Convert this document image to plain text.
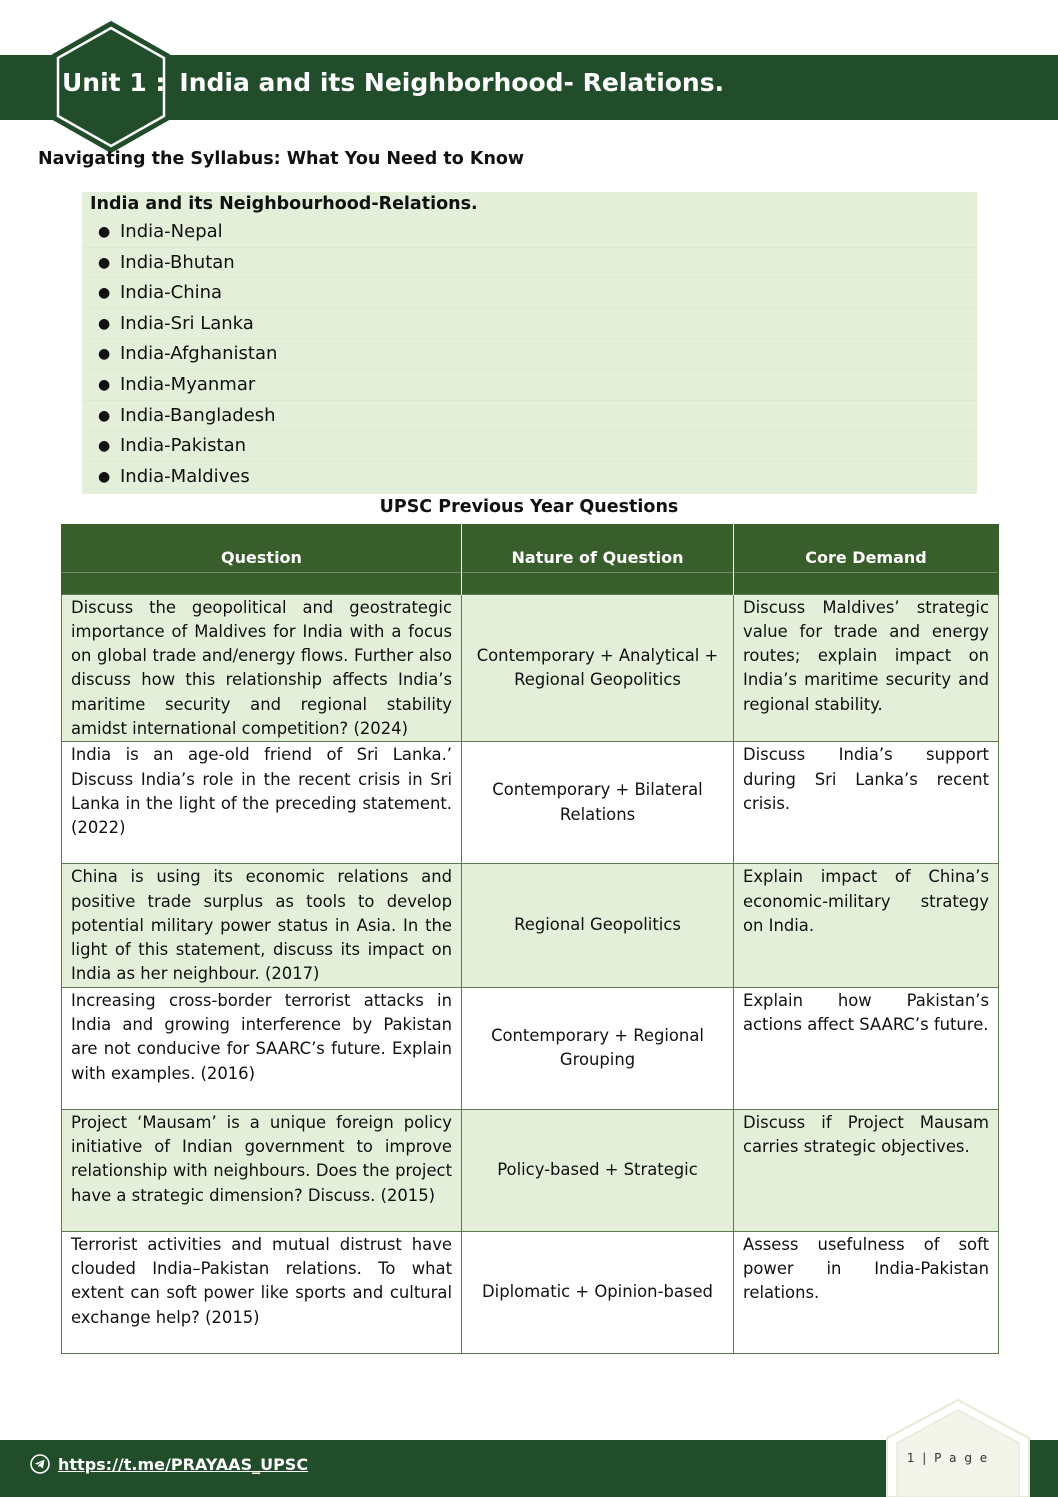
Unit 1 : India and its Neighborhood- Relations.
Navigating the Syllabus: What You Need to Know
India and its Neighbourhood-Relations.
● India-Nepal
● India-Bhutan
● India-China
● India-Sri Lanka
● India-Afghanistan
● India-Myanmar
● India-Bangladesh
● India-Pakistan
● India-Maldives
UPSC Previous Year Questions
Question	Nature of Question	Core Demand

Discuss the geopolitical and geostrategic importance of Maldives for India with a focus on global trade and/energy flows. Further also discuss how this relationship affects India’s maritime security and regional stability amidst international competition? (2024)	Contemporary + Analytical + Regional Geopolitics	Discuss Maldives’ strategic value for trade and energy routes; explain impact on India’s maritime security and regional stability.
India is an age-old friend of Sri Lanka.’ Discuss India’s role in the recent crisis in Sri Lanka in the light of the preceding statement. (2022)	Contemporary + Bilateral Relations	Discuss India’s support during Sri Lanka’s recent crisis.
China is using its economic relations and positive trade surplus as tools to develop potential military power status in Asia. In the light of this statement, discuss its impact on India as her neighbour. (2017)	Regional Geopolitics	Explain impact of China’s economic-military strategy on India.
Increasing cross-border terrorist attacks in India and growing interference by Pakistan are not conducive for SAARC’s future. Explain with examples. (2016)	Contemporary + Regional Grouping	Explain how Pakistan’s actions affect SAARC’s future.
Project ‘Mausam’ is a unique foreign policy initiative of Indian government to improve relationship with neighbours. Does the project have a strategic dimension? Discuss. (2015)	Policy-based + Strategic	Discuss if Project Mausam carries strategic objectives.
Terrorist activities and mutual distrust have clouded India–Pakistan relations. To what extent can soft power like sports and cultural exchange help? (2015)	Diplomatic + Opinion-based	Assess usefulness of soft power in India-Pakistan relations.
https://t.me/PRAYAAS_UPSC	1 | P a g e
